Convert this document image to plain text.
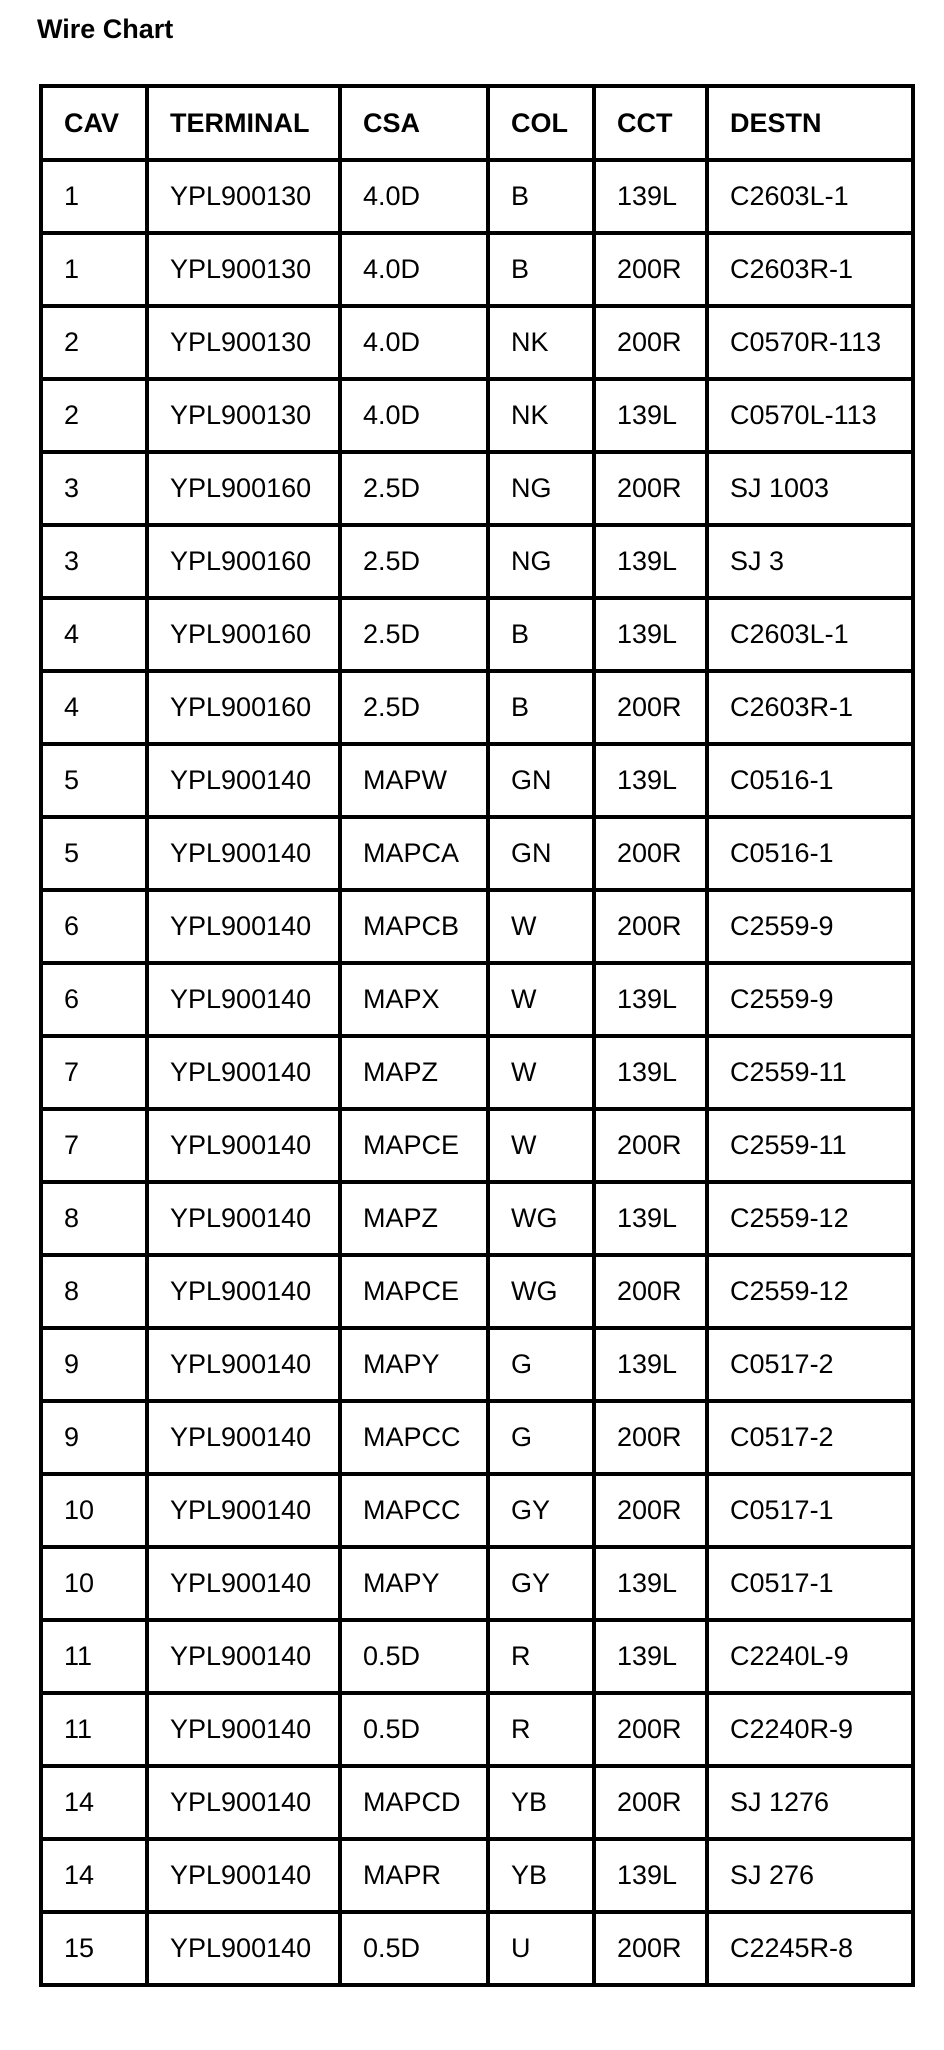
Wire Chart
CAV	TERMINAL	CSA	COL	CCT	DESTN
1	YPL900130	4.0D	B	139L	C2603L-1
1	YPL900130	4.0D	B	200R	C2603R-1
2	YPL900130	4.0D	NK	200R	C0570R-113
2	YPL900130	4.0D	NK	139L	C0570L-113
3	YPL900160	2.5D	NG	200R	SJ 1003
3	YPL900160	2.5D	NG	139L	SJ 3
4	YPL900160	2.5D	B	139L	C2603L-1
4	YPL900160	2.5D	B	200R	C2603R-1
5	YPL900140	MAPW	GN	139L	C0516-1
5	YPL900140	MAPCA	GN	200R	C0516-1
6	YPL900140	MAPCB	W	200R	C2559-9
6	YPL900140	MAPX	W	139L	C2559-9
7	YPL900140	MAPZ	W	139L	C2559-11
7	YPL900140	MAPCE	W	200R	C2559-11
8	YPL900140	MAPZ	WG	139L	C2559-12
8	YPL900140	MAPCE	WG	200R	C2559-12
9	YPL900140	MAPY	G	139L	C0517-2
9	YPL900140	MAPCC	G	200R	C0517-2
10	YPL900140	MAPCC	GY	200R	C0517-1
10	YPL900140	MAPY	GY	139L	C0517-1
11	YPL900140	0.5D	R	139L	C2240L-9
11	YPL900140	0.5D	R	200R	C2240R-9
14	YPL900140	MAPCD	YB	200R	SJ 1276
14	YPL900140	MAPR	YB	139L	SJ 276
15	YPL900140	0.5D	U	200R	C2245R-8
